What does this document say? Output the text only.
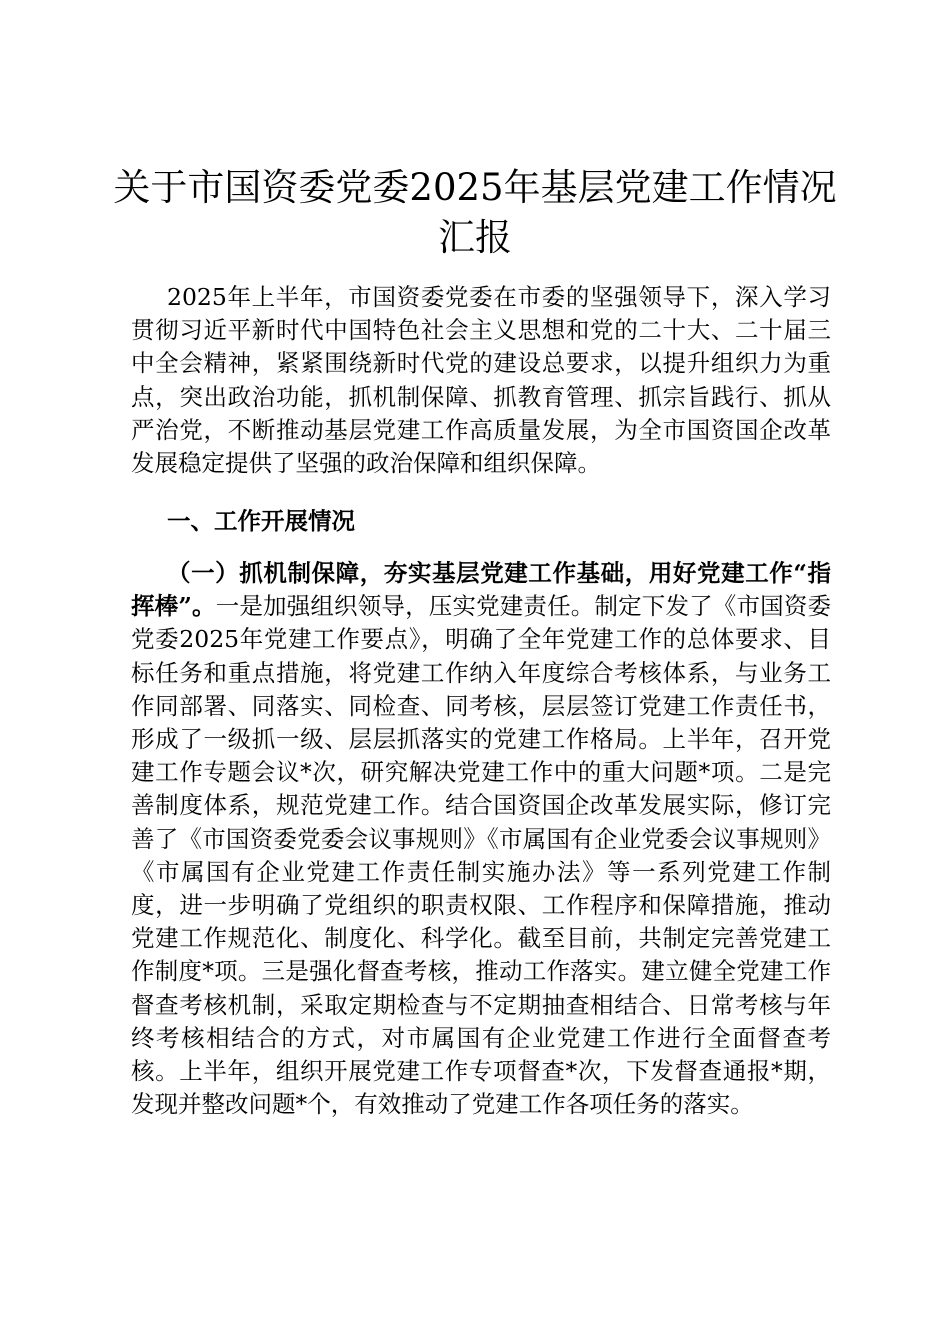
关于市国资委党委2025年基层党建工作情况
汇报

2025年上半年，市国资委党委在市委的坚强领导下，深入学习贯彻习近平新时代中国特色社会主义思想和党的二十大、二十届三中全会精神，紧紧围绕新时代党的建设总要求，以提升组织力为重点，突出政治功能，抓机制保障、抓教育管理、抓宗旨践行、抓从严治党，不断推动基层党建工作高质量发展，为全市国资国企改革发展稳定提供了坚强的政治保障和组织保障。

一、工作开展情况

（一）抓机制保障，夯实基层党建工作基础，用好党建工作“指挥棒”。一是加强组织领导，压实党建责任。制定下发了《市国资委党委2025年党建工作要点》，明确了全年党建工作的总体要求、目标任务和重点措施，将党建工作纳入年度综合考核体系，与业务工作同部署、同落实、同检查、同考核，层层签订党建工作责任书，形成了一级抓一级、层层抓落实的党建工作格局。上半年，召开党建工作专题会议*次，研究解决党建工作中的重大问题*项。二是完善制度体系，规范党建工作。结合国资国企改革发展实际，修订完善了《市国资委党委会议事规则》《市属国有企业党委会议事规则》《市属国有企业党建工作责任制实施办法》等一系列党建工作制度，进一步明确了党组织的职责权限、工作程序和保障措施，推动党建工作规范化、制度化、科学化。截至目前，共制定完善党建工作制度*项。三是强化督查考核，推动工作落实。建立健全党建工作督查考核机制，采取定期检查与不定期抽查相结合、日常考核与年终考核相结合的方式，对市属国有企业党建工作进行全面督查考核。上半年，组织开展党建工作专项督查*次，下发督查通报*期，发现并整改问题*个，有效推动了党建工作各项任务的落实。
